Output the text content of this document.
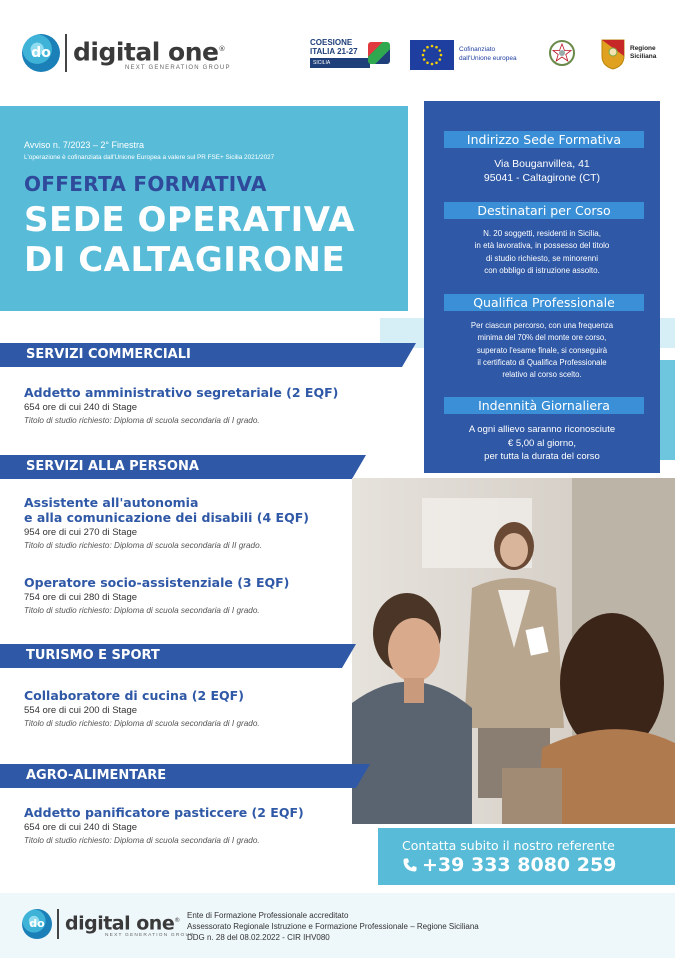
do digital one®
NEXT GENERATION GROUP
COESIONE
ITALIA 21-27
SICILIA
Cofinanziato
dall'Unione europea
Regione
Siciliana
Avviso n. 7/2023 – 2° Finestra
L'operazione è cofinanziata dall'Unione Europea a valere sul PR FSE+ Sicilia 2021/2027
OFFERTA FORMATIVA
SEDE OPERATIVA
DI CALTAGIRONE
Indirizzo Sede Formativa
Via Bouganvillea, 41
95041 - Caltagirone (CT)
Destinatari per Corso
N. 20 soggetti, residenti in Sicilia,
in età lavorativa, in possesso del titolo
di studio richiesto, se minorenni
con obbligo di istruzione assolto.
Qualifica Professionale
Per ciascun percorso, con una frequenza
minima del 70% del monte ore corso,
superato l'esame finale, si conseguirà
il certificato di Qualifica Professionale
relativo al corso scelto.
Indennità Giornaliera
A ogni allievo saranno riconosciute
€ 5,00 al giorno,
per tutta la durata del corso
SERVIZI COMMERCIALI
Addetto amministrativo segretariale (2 EQF)
654 ore di cui 240 di Stage
Titolo di studio richiesto: Diploma di scuola secondaria di I grado.
SERVIZI ALLA PERSONA
Assistente all'autonomia
e alla comunicazione dei disabili (4 EQF)
954 ore di cui 270 di Stage
Titolo di studio richiesto: Diploma di scuola secondaria di II grado.
Operatore socio-assistenziale (3 EQF)
754 ore di cui 280 di Stage
Titolo di studio richiesto: Diploma di scuola secondaria di I grado.
TURISMO E SPORT
Collaboratore di cucina (2 EQF)
554 ore di cui 200 di Stage
Titolo di studio richiesto: Diploma di scuola secondaria di I grado.
AGRO-ALIMENTARE
Addetto panificatore pasticcere (2 EQF)
654 ore di cui 240 di Stage
Titolo di studio richiesto: Diploma di scuola secondaria di I grado.	Contatta subito il nostro referente
+39 333 8080 259
do	digital one®
NEXT GENERATION GROUP
Ente di Formazione Professionale accreditato
Assessorato Regionale Istruzione e Formazione Professionale – Regione Siciliana
DDG n. 28 del 08.02.2022 - CIR IHV080
